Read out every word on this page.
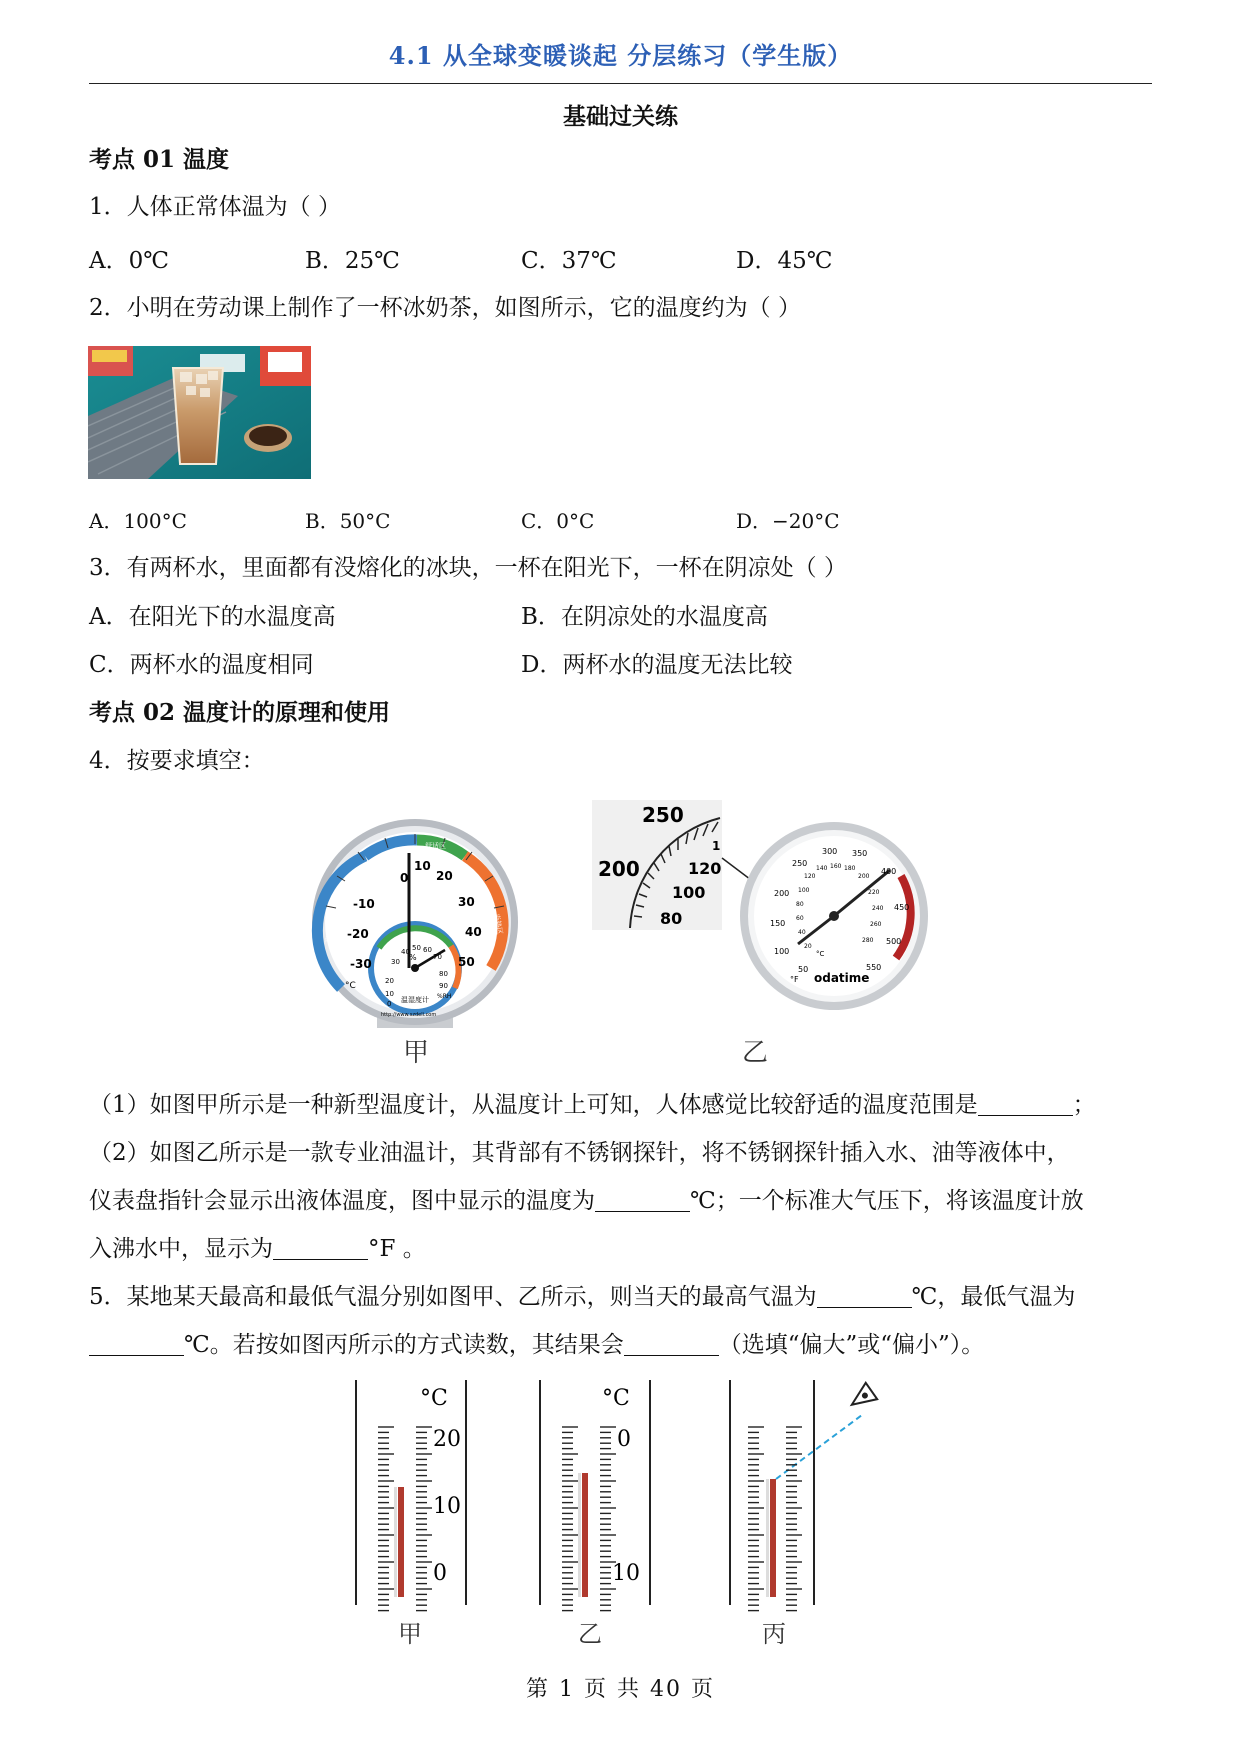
4.1 从全球变暖谈起 分层练习（学生版）
基础过关练
考点 01 温度
1．人体正常体温为（ ）
A．0℃	B．25℃	C．37℃	D．45℃
2．小明在劳动课上制作了一杯冰奶茶，如图所示，它的温度约为（ ）
A．100°C	B．50°C	C．0°C	D．−20°C
3．有两杯水，里面都有没熔化的冰块，一杯在阳光下，一杯在阴凉处（ ）
A．在阳光下的水温度高	B．在阴凉处的水温度高
C．两杯水的温度相同	D．两杯水的温度无法比较
考点 02 温度计的原理和使用
4．按要求填空：
0
10
20
30
40
50
-10
-20
-30
°C
寒冷区
舒适区
炎热区
20
30
40 50 60
70
80
90
10
0
%
%RH
温湿度计
http://www.szdeli.com
甲
250
200	120
100
80
1
250
300 350
400
450
500
550
200
150
100
50
140 160 180
200
220
240
260
280
120
100
80
60
40
20
°F
°C
odatime
乙
（1）如图甲所示是一种新型温度计，从温度计上可知，人体感觉比较舒适的温度范围是	；
（2）如图乙所示是一款专业油温计，其背部有不锈钢探针，将不锈钢探针插入水、油等液体中，
仪表盘指针会显示出液体温度，图中显示的温度为	℃；一个标准大气压下，将该温度计放
入沸水中，显示为	°F 。
5．某地某天最高和最低气温分别如图甲、乙所示，则当天的最高气温为	℃，最低气温为
℃。若按如图丙所示的方式读数，其结果会	（选填“偏大”或“偏小”）。
°C
20
10
0
°C
0
10
甲	乙	丙
第 1 页 共 40 页
